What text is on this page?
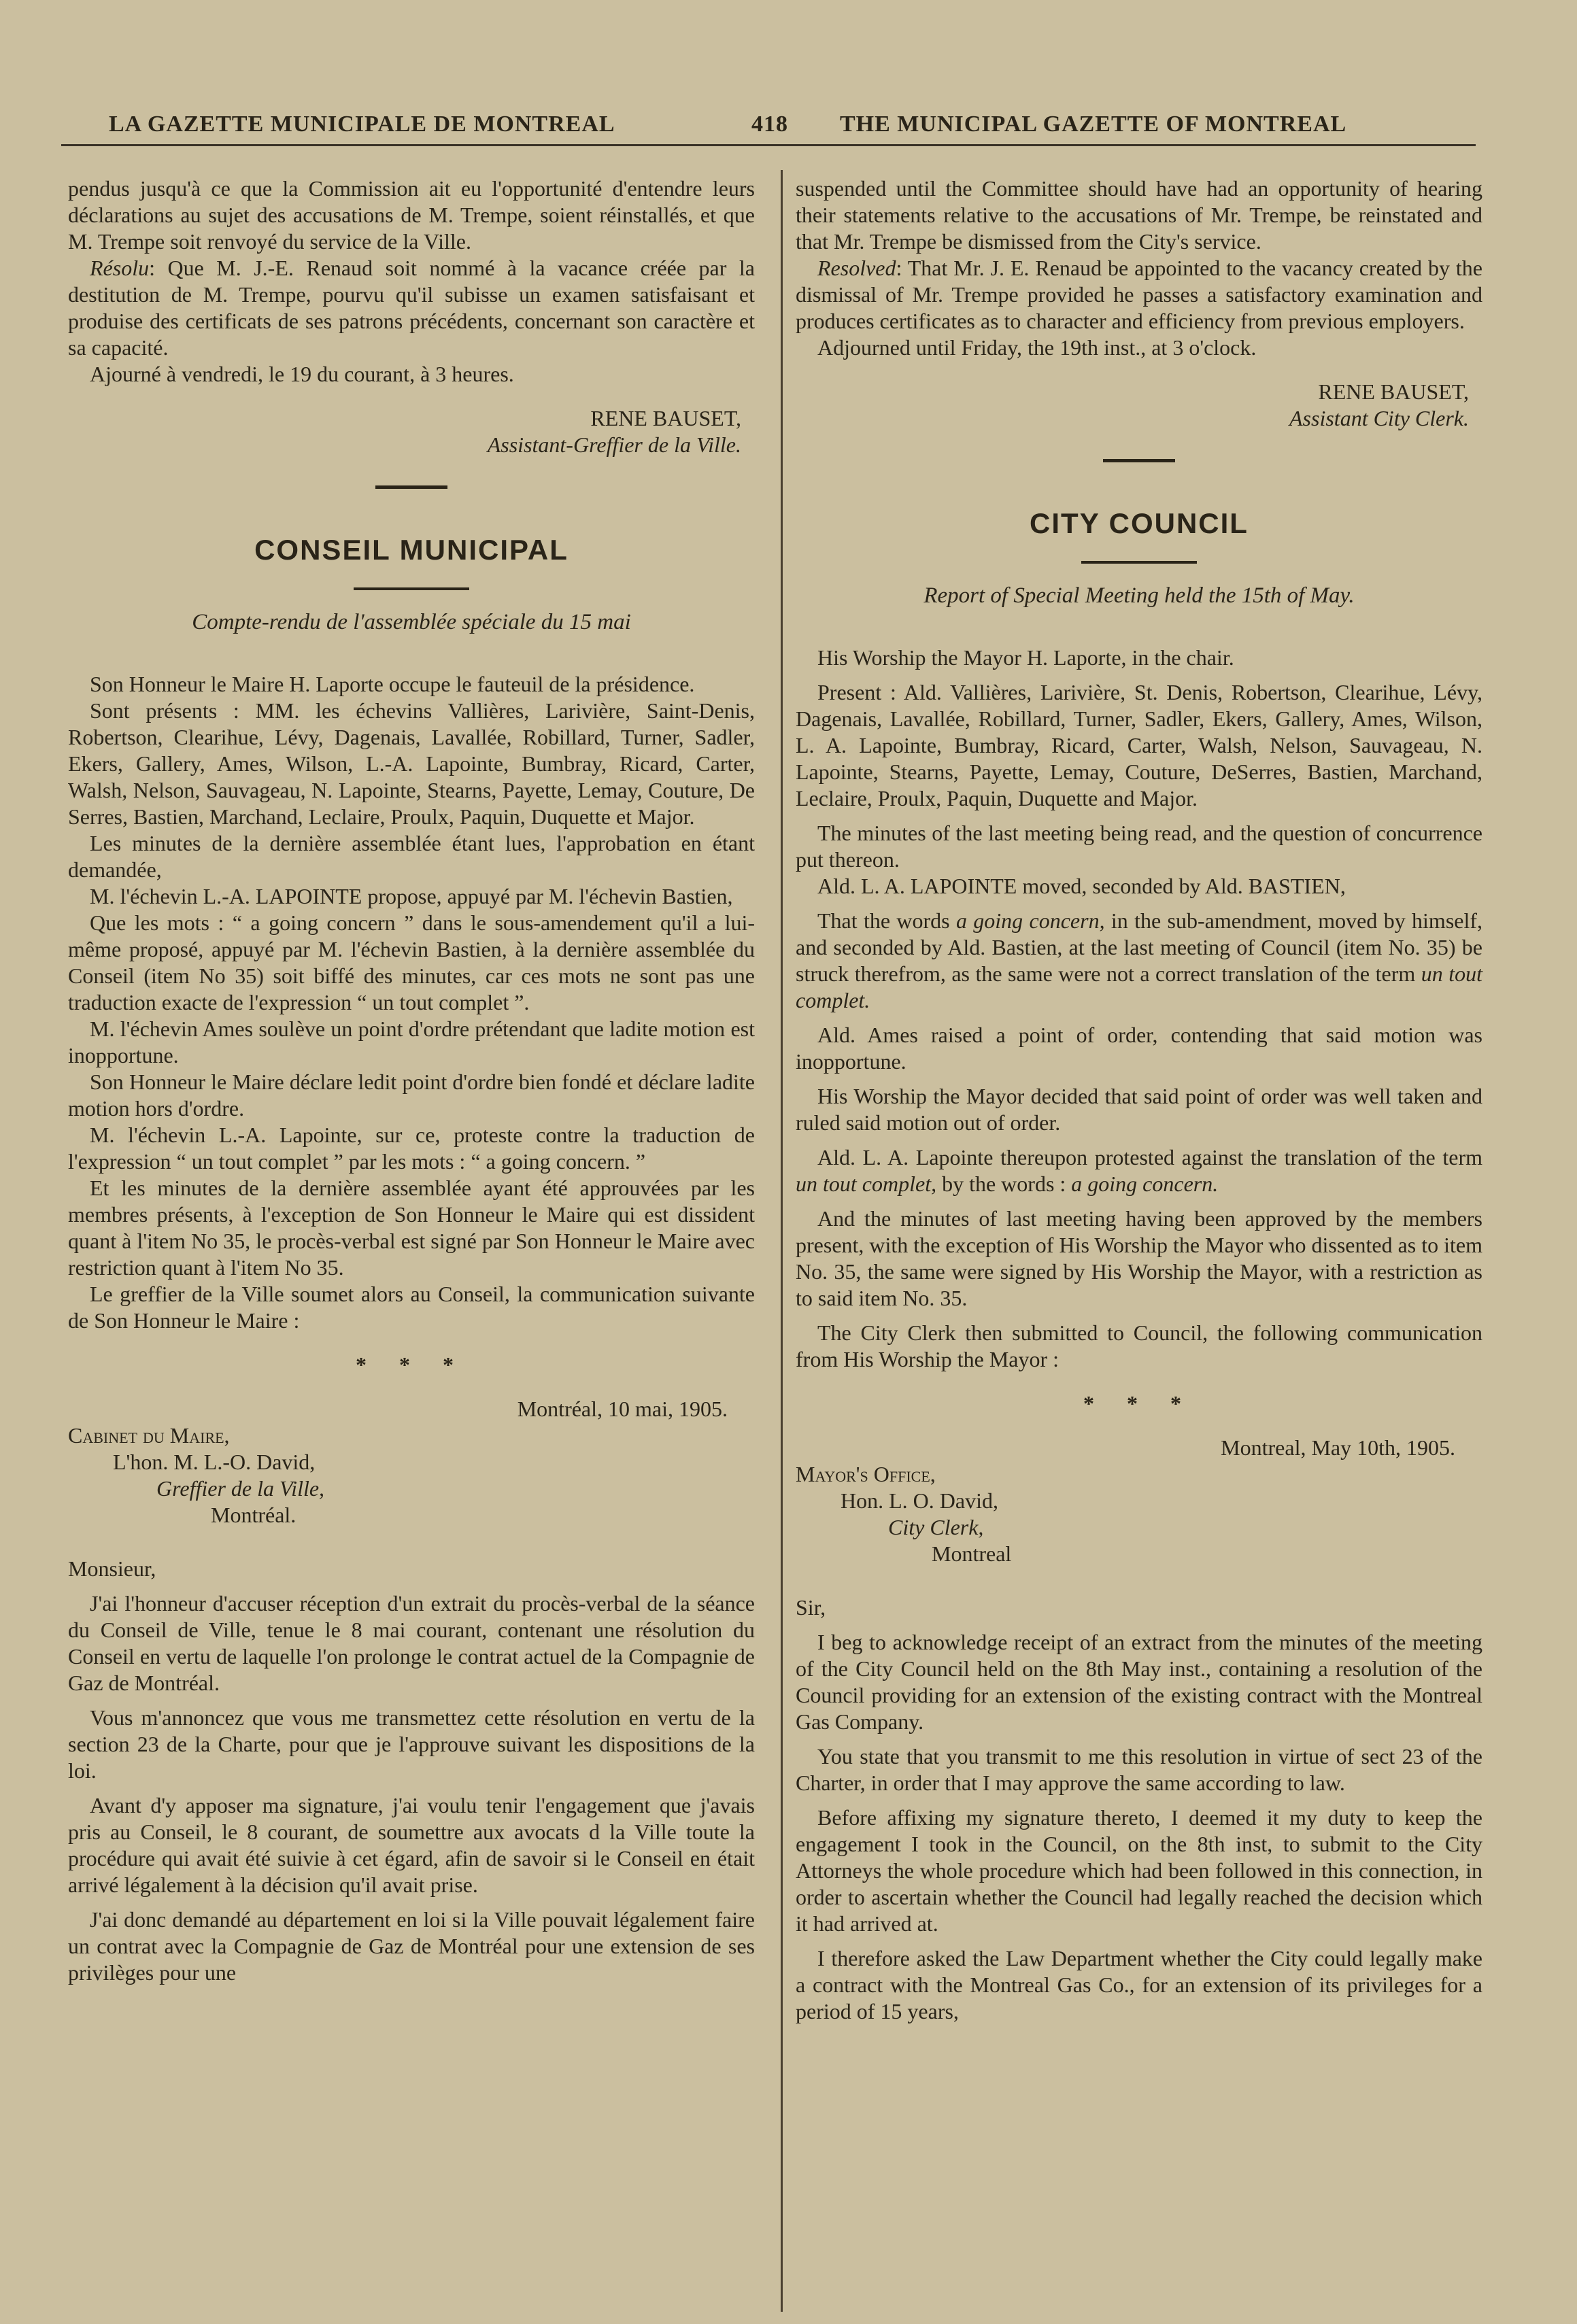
LA GAZETTE MUNICIPALE DE MONTREAL	418 THE MUNICIPAL GAZETTE OF MONTREAL

pendus jusqu'à ce que la Commission ait eu l'opportunité d'entendre leurs déclarations au sujet des accusations de M. Trempe, soient réinstallés, et que M. Trempe soit renvoyé du service de la Ville.

Résolu: Que M. J.-E. Renaud soit nommé à la vacance créée par la destitution de M. Trempe, pourvu qu'il subisse un examen satisfaisant et produise des certificats de ses patrons précédents, concernant son caractère et sa capacité.

Ajourné à vendredi, le 19 du courant, à 3 heures.

RENE BAUSET,
Assistant-Greffier de la Ville.
CONSEIL MUNICIPAL
Compte-rendu de l'assemblée spéciale du 15 mai

Son Honneur le Maire H. Laporte occupe le fauteuil de la présidence.

Sont présents : MM. les échevins Vallières, Larivière, Saint-Denis, Robertson, Clearihue, Lévy, Dagenais, Lavallée, Robillard, Turner, Sadler, Ekers, Gallery, Ames, Wilson, L.-A. Lapointe, Bumbray, Ricard, Carter, Walsh, Nelson, Sauvageau, N. Lapointe, Stearns, Payette, Lemay, Couture, De Serres, Bastien, Marchand, Leclaire, Proulx, Paquin, Duquette et Major.

Les minutes de la dernière assemblée étant lues, l'approbation en étant demandée,

M. l'échevin L.-A. LAPOINTE propose, appuyé par M. l'échevin Bastien,

Que les mots : “ a going concern ” dans le sous-amendement qu'il a lui-même proposé, appuyé par M. l'échevin Bastien, à la dernière assemblée du Conseil (item No 35) soit biffé des minutes, car ces mots ne sont pas une traduction exacte de l'expression “ un tout complet ”.

M. l'échevin Ames soulève un point d'ordre prétendant que ladite motion est inopportune.

Son Honneur le Maire déclare ledit point d'ordre bien fondé et déclare ladite motion hors d'ordre.

M. l'échevin L.-A. Lapointe, sur ce, proteste contre la traduction de l'expression “ un tout complet ” par les mots : “ a going concern. ”

Et les minutes de la dernière assemblée ayant été approuvées par les membres présents, à l'exception de Son Honneur le Maire qui est dissident quant à l'item No 35, le procès-verbal est signé par Son Honneur le Maire avec restriction quant à l'item No 35.

Le greffier de la Ville soumet alors au Conseil, la communication suivante de Son Honneur le Maire :

* * *
Montréal, 10 mai, 1905.
Cabinet du Maire,
L'hon. M. L.-O. David,
Greffier de la Ville,
Montréal.

Monsieur,

J'ai l'honneur d'accuser réception d'un extrait du procès-verbal de la séance du Conseil de Ville, tenue le 8 mai courant, contenant une résolution du Conseil en vertu de laquelle l'on prolonge le contrat actuel de la Compagnie de Gaz de Montréal.

Vous m'annoncez que vous me transmettez cette résolution en vertu de la section 23 de la Charte, pour que je l'approuve suivant les dispositions de la loi.

Avant d'y apposer ma signature, j'ai voulu tenir l'engagement que j'avais pris au Conseil, le 8 courant, de soumettre aux avocats d la Ville toute la procédure qui avait été suivie à cet égard, afin de savoir si le Conseil en était arrivé légalement à la décision qu'il avait prise.

J'ai donc demandé au département en loi si la Ville pouvait légalement faire un contrat avec la Compagnie de Gaz de Montréal pour une extension de ses privilèges pour une

suspended until the Committee should have had an opportunity of hearing their statements relative to the accusations of Mr. Trempe, be reinstated and that Mr. Trempe be dismissed from the City's service.

Resolved: That Mr. J. E. Renaud be appointed to the vacancy created by the dismissal of Mr. Trempe provided he passes a satisfactory examination and produces certificates as to character and efficiency from previous employers.

Adjourned until Friday, the 19th inst., at 3 o'clock.

RENE BAUSET,
Assistant City Clerk.
CITY COUNCIL
Report of Special Meeting held the 15th of May.

His Worship the Mayor H. Laporte, in the chair.

Present : Ald. Vallières, Larivière, St. Denis, Robertson, Clearihue, Lévy, Dagenais, Lavallée, Robillard, Turner, Sadler, Ekers, Gallery, Ames, Wilson, L. A. Lapointe, Bumbray, Ricard, Carter, Walsh, Nelson, Sauvageau, N. Lapointe, Stearns, Payette, Lemay, Couture, DeSerres, Bastien, Marchand, Leclaire, Proulx, Paquin, Duquette and Major.

The minutes of the last meeting being read, and the question of concurrence put thereon.

Ald. L. A. LAPOINTE moved, seconded by Ald. BASTIEN,

That the words a going concern, in the sub-amendment, moved by himself, and seconded by Ald. Bastien, at the last meeting of Council (item No. 35) be struck therefrom, as the same were not a correct translation of the term un tout complet.

Ald. Ames raised a point of order, contending that said motion was inopportune.

His Worship the Mayor decided that said point of order was well taken and ruled said motion out of order.

Ald. L. A. Lapointe thereupon protested against the translation of the term un tout complet, by the words : a going concern.

And the minutes of last meeting having been approved by the members present, with the exception of His Worship the Mayor who dissented as to item No. 35, the same were signed by His Worship the Mayor, with a restriction as to said item No. 35.

The City Clerk then submitted to Council, the following communication from His Worship the Mayor :

* * *
Montreal, May 10th, 1905.
Mayor's Office,
Hon. L. O. David,
City Clerk,
Montreal

Sir,

I beg to acknowledge receipt of an extract from the minutes of the meeting of the City Council held on the 8th May inst., containing a resolution of the Council providing for an extension of the existing contract with the Montreal Gas Company.

You state that you transmit to me this resolution in virtue of sect 23 of the Charter, in order that I may approve the same according to law.

Before affixing my signature thereto, I deemed it my duty to keep the engagement I took in the Council, on the 8th inst, to submit to the City Attorneys the whole procedure which had been followed in this connection, in order to ascertain whether the Council had legally reached the decision which it had arrived at.

I therefore asked the Law Department whether the City could legally make a contract with the Montreal Gas Co., for an extension of its privileges for a period of 15 years,
